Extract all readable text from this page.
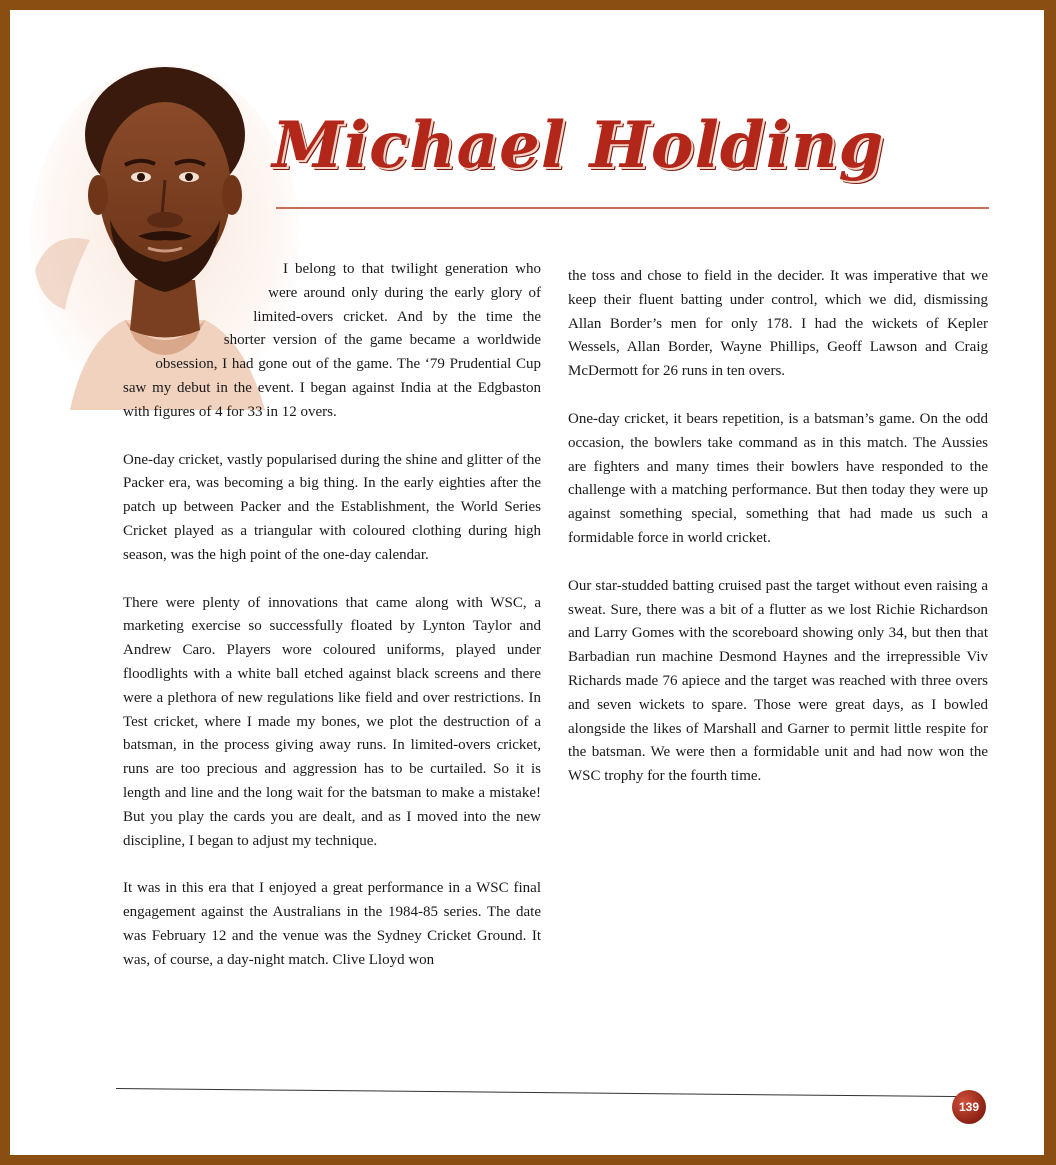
Michael Holding

I belong to that twilight generation who were around only during the early glory of limited-overs cricket. And by the time the shorter version of the game became a worldwide obsession, I had gone out of the game. The ‘79 Prudential Cup saw my debut in the event. I began against India at the Edgbaston with figures of 4 for 33 in 12 overs.

One-day cricket, vastly popularised during the shine and glitter of the Packer era, was becoming a big thing. In the early eighties after the patch up between Packer and the Establishment, the World Series Cricket played as a triangular with coloured clothing during high season, was the high point of the one-day calendar.

There were plenty of innovations that came along with WSC, a marketing exercise so successfully floated by Lynton Taylor and Andrew Caro. Players wore coloured uniforms, played under floodlights with a white ball etched against black screens and there were a plethora of new regulations like field and over restrictions. In Test cricket, where I made my bones, we plot the destruction of a batsman, in the process giving away runs. In limited-overs cricket, runs are too precious and aggression has to be curtailed. So it is length and line and the long wait for the batsman to make a mistake! But you play the cards you are dealt, and as I moved into the new discipline, I began to adjust my technique.

It was in this era that I enjoyed a great performance in a WSC final engagement against the Australians in the 1984-85 series. The date was February 12 and the venue was the Sydney Cricket Ground. It was, of course, a day-night match. Clive Lloyd won

the toss and chose to field in the decider. It was imperative that we keep their fluent batting under control, which we did, dismissing Allan Border’s men for only 178. I had the wickets of Kepler Wessels, Allan Border, Wayne Phillips, Geoff Lawson and Craig McDermott for 26 runs in ten overs.

One-day cricket, it bears repetition, is a batsman’s game. On the odd occasion, the bowlers take command as in this match. The Aussies are fighters and many times their bowlers have responded to the challenge with a matching performance. But then today they were up against something special, something that had made us such a formidable force in world cricket.

Our star-studded batting cruised past the target without even raising a sweat. Sure, there was a bit of a flutter as we lost Richie Richardson and Larry Gomes with the scoreboard showing only 34, but then that Barbadian run machine Desmond Haynes and the irrepressible Viv Richards made 76 apiece and the target was reached with three overs and seven wickets to spare. Those were great days, as I bowled alongside the likes of Marshall and Garner to permit little respite for the batsman. We were then a formidable unit and had now won the WSC trophy for the fourth time.

139
